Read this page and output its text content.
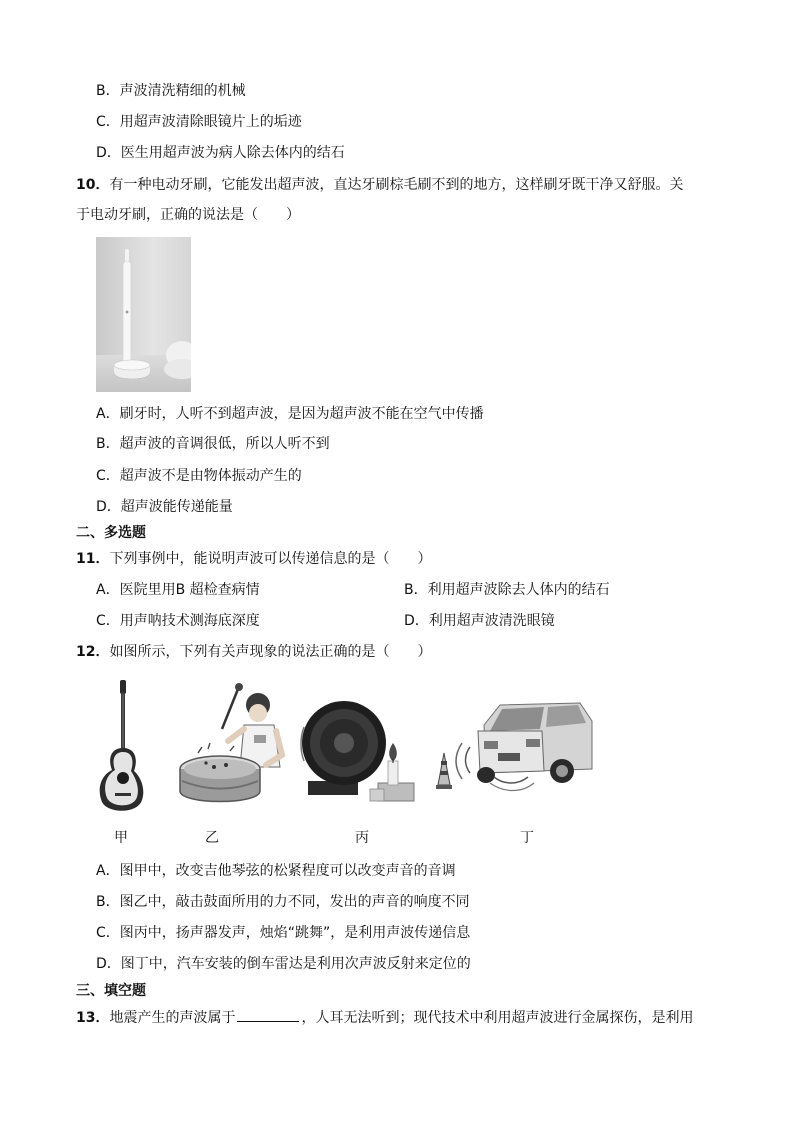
B．声波清洗精细的机械
C．用超声波清除眼镜片上的垢迹
D．医生用超声波为病人除去体内的结石
10．有一种电动牙刷，它能发出超声波，直达牙刷棕毛刷不到的地方，这样刷牙既干净又舒服。关
于电动牙刷，正确的说法是（　　）
A．刷牙时，人听不到超声波，是因为超声波不能在空气中传播
B．超声波的音调很低，所以人听不到
C．超声波不是由物体振动产生的
D．超声波能传递能量
二、多选题
11．下列事例中，能说明声波可以传递信息的是（　　）
A．医院里用B 超检查病情	B．利用超声波除去人体内的结石
C．用声呐技术测海底深度	D．利用超声波清洗眼镜
12．如图所示，下列有关声现象的说法正确的是（　　）
甲	乙	丙	丁
A．图甲中，改变吉他琴弦的松紧程度可以改变声音的音调
B．图乙中，敲击鼓面所用的力不同，发出的声音的响度不同
C．图丙中，扬声器发声，烛焰“跳舞”，是利用声波传递信息
D．图丁中，汽车安装的倒车雷达是利用次声波反射来定位的
三、填空题
13．地震产生的声波属于	，人耳无法听到；现代技术中利用超声波进行金属探伤，是利用
